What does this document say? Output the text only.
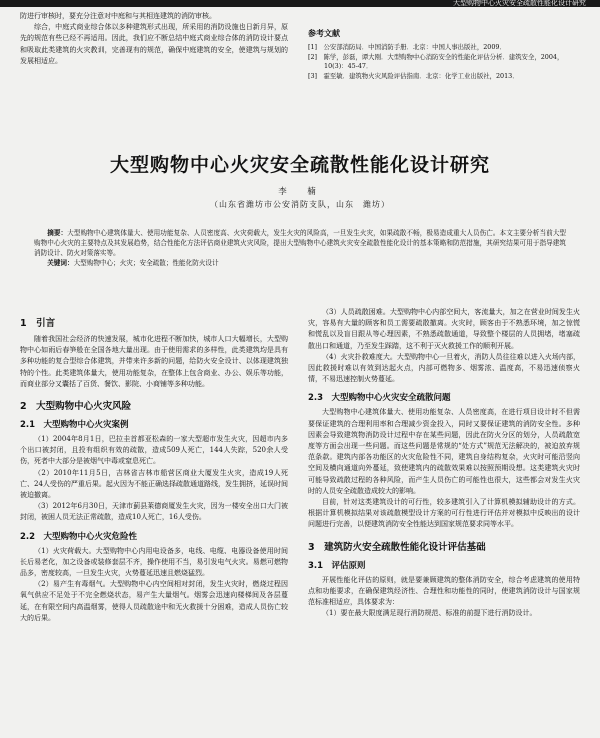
大型购物中心火灾安全疏散性能化设计研究

防进行审核时，要充分注意对中庭和与其相连建筑的消防审核。

综合，中庭式商业综合体以多种建筑形式出现，所采用的消防设施也日新月异，原先的规范有些已经不再适用。因此，我们应不断总结中庭式商业综合体的消防设计要点和吸取此类建筑的火灾教训，完善现有的规范，确保中庭建筑的安全，使建筑与规划的发展相适应。

参考文献

[1]　公安部消防局．中国消防手册．北京：中国人事出版社，2009．

[2]　陈学，彭磊，谭大刚．大型购物中心消防安全的性能化评估分析．建筑安全，2004，10(3)：45-47．

[3]　霍至敏．建筑物火灾风险评估指南．北京：化学工业出版社，2013．

大型购物中心火灾安全疏散性能化设计研究

李　楠

（山东省潍坊市公安消防支队，山东　潍坊）

摘要：大型购物中心建筑体量大、使用功能复杂、人员密度高、火灾荷载大，发生火灾的风险高，一旦发生火灾，如果疏散不畅，极易造成重大人员伤亡。本文主要分析当前大型购物中心火灾的主要特点及其发展趋势，结合性能化方法评估商业建筑火灾风险，提出大型购物中心建筑火灾安全疏散性能化设计的基本策略和防范措施，其研究结果可用于指导建筑消防设计、防火对策落实等。

关键词：大型购物中心；火灾；安全疏散；性能化防火设计

1　引言

随着我国社会经济的快速发展，城市化进程不断加快，城市人口大幅增长，大型购物中心如雨后春笋般在全国各地大量出现。由于使用需求的多样性，此类建筑均是具有多种功能的复合型综合体建筑，并带来许多新的问题，给防火安全设计、以体现建筑独特的个性。此类建筑体量大，使用功能复杂，在整体上包含商业、办公、娱乐等功能，而商业部分又囊括了百货、餐饮、影院、小商铺等多种功能。

2　大型购物中心火灾风险

2.1　大型购物中心火灾案例

（1）2004年8月1日，巴拉圭首都亚松森的一家大型超市发生火灾，因超市内多个出口被封闭，且投有组织有效的疏散，造成509人死亡，144人失踪，520余人受伤，死者中大部分是被烟气中毒或窒息死亡。

（2）2010年11月5日，吉林省吉林市船营区商业大厦发生火灾，造成19人死亡、24人受伤的严重后果。起火因为不能正确选择疏散通道路线，发生拥挤，延误时间被迫撤离。

（3）2012年6月30日，天津市蓟县莱德商厦发生火灾，因为一楼安全出口大门被封闭，被困人员无法正常疏散，造成10人死亡，16人受伤。

2.2　大型购物中心火灾危险性

（1）火灾荷载大。大型购物中心内用电设备多，电线、电缆、电器设备使用时间长后易老化，加之设备或装修套层不齐，操作使用不当，易引发电气火灾。易燃可燃物品多，密度较高，一旦发生火灾，火势蔓延迅速且燃烧猛烈。

（2）易产生有毒烟气。大型购物中心内空间相对封闭，发生火灾时，燃烧过程因氧气供应不足处于不完全燃烧状态，易产生大量烟气。烟雾会迅速向楼梯间及各层蔓延，在有限空间内高温烟雾，使得人员疏散途中和无火救援十分困难，造成人员伤亡较大的后果。

（3）人员疏散困难。大型购物中心内部空间大，客流量大，加之在营业时间发生火灾，容易有大量的顾客和员工需要疏散撤离。火灾时，顾客由于不熟悉环境，加之惊慌和慌乱以及盲目跟从等心理因素，不熟悉疏散通道，导致整个楼层的人员拥堵，堵塞疏散出口和通道，乃至发生踩踏，这不利于灭火救援工作的顺利开展。

（4）火灾扑救难度大。大型购物中心一旦着火，消防人员往往难以进入火场内部，因此救援时难以有效到达起火点，内部可燃物多、烟雾浓、温度高，不易迅速侦察火情，不易迅速控制火势蔓延。

2.3　大型购物中心火灾安全疏散问题

大型购物中心建筑体量大、使用功能复杂、人员密度高，在进行项目设计时不但需要保证建筑的合理利用率和合理减少资金投入，同时又要保证建筑的消防安全性。多种因素会导致建筑物消防设计过程中存在某些问题，因此在防火分区的划分，人员疏散宽度等方面会出现一些问题。而这些问题是常规的“处方式”规范无法解决的，被迫放弃规范条款。建筑内部各功能区的火灾危险性不同，建筑自身结构复杂，火灾时可能沿竖向空间及横向通道向外蔓延，致使建筑内的疏散效果难以按照预期设想。这类建筑火灾时可能导致疏散过程的各种风险，而产生人员伤亡的可能性也很大，这些都会对发生火灾时的人员安全疏散造成较大的影响。

目前，针对这类建筑设计的可行性，较多建筑引入了计算机模拟辅助设计的方式。根据计算机模拟结果对该疏散模型设计方案的可行性进行评估并对模拟中反映出的设计问题进行完善，以便建筑消防安全性能达到国家规范要求同等水平。

3　建筑防火安全疏散性能化设计评估基础

3.1　评估原则

开展性能化评估的原则，就是要兼顾建筑的整体消防安全，综合考虑建筑的使用特点和功能要求，在确保建筑经济性、合理性和功能性的同时，使建筑消防设计与国家规范标准相适应，具体要求为：

（1）要在最大限度满足现行消防规范、标准的前提下进行消防设计。
